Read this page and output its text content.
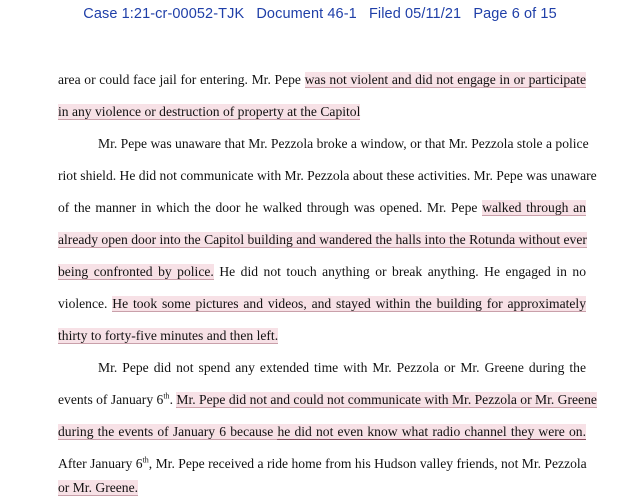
Case 1:21-cr-00052-TJK Document 46-1 Filed 05/11/21 Page 6 of 15
area or could face jail for entering. Mr. Pepe was not violent and did not engage in or participate
in any violence or destruction of property at the Capitol
Mr. Pepe was unaware that Mr. Pezzola broke a window, or that Mr. Pezzola stole a police
riot shield. He did not communicate with Mr. Pezzola about these activities. Mr. Pepe was unaware
of the manner in which the door he walked through was opened. Mr. Pepe walked through an
already open door into the Capitol building and wandered the halls into the Rotunda without ever
being confronted by police. He did not touch anything or break anything. He engaged in no
violence. He took some pictures and videos, and stayed within the building for approximately
thirty to forty-five minutes and then left.
Mr. Pepe did not spend any extended time with Mr. Pezzola or Mr. Greene during the
events of January 6th. Mr. Pepe did not and could not communicate with Mr. Pezzola or Mr. Greene
during the events of January 6 because he did not even know what radio channel they were on.
After January 6th, Mr. Pepe received a ride home from his Hudson valley friends, not Mr. Pezzola
or Mr. Greene.
